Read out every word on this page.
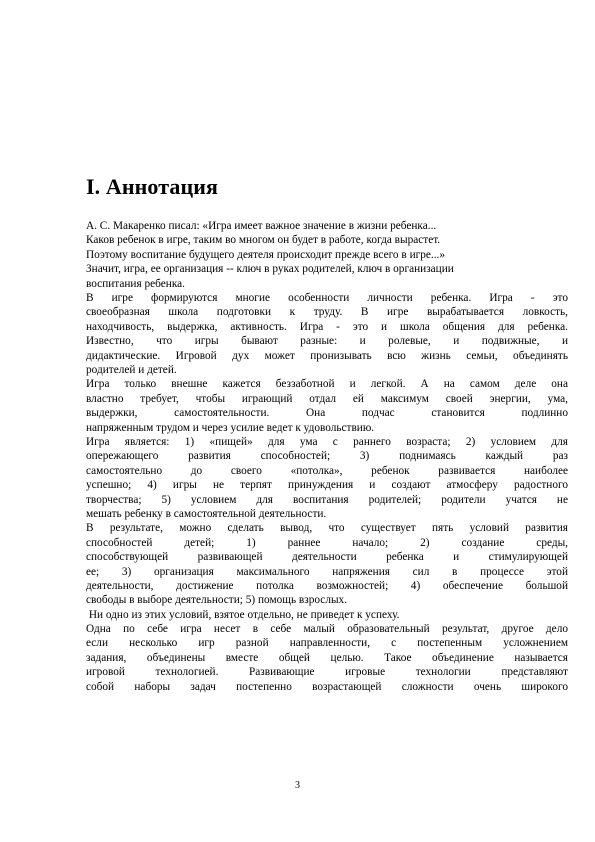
I. Аннотация
А. С. Макаренко писал: «Игра имеет важное значение в жизни ребенка...
Каков ребенок в игре, таким во многом он будет в работе, когда вырастет.
Поэтому воспитание будущего деятеля происходит прежде всего в игре...»
Значит, игра, ее организация -- ключ в руках родителей, ключ в организации
воспитания ребенка.
В игре формируются многие особенности личности ребенка. Игра - это
своеобразная школа подготовки к труду. В игре вырабатывается ловкость,
находчивость, выдержка, активность. Игра - это и школа общения для ребенка.
Известно, что игры бывают разные: и ролевые, и подвижные, и
дидактические. Игровой дух может пронизывать всю жизнь семьи, объединять
родителей и детей.
Игра только внешне кажется беззаботной и легкой. А на самом деле она
властно требует, чтобы играющий отдал ей максимум своей энергии, ума,
выдержки, самостоятельности. Она подчас становится подлинно
напряженным трудом и через усилие ведет к удовольствию.
Игра является: 1) «пищей» для ума с раннего возраста; 2) условием для
опережающего развития способностей; 3) поднимаясь каждый раз
самостоятельно до своего «потолка», ребенок развивается наиболее
успешно; 4) игры не терпят принуждения и создают атмосферу радостного
творчества; 5) условием для воспитания родителей; родители учатся не
мешать ребенку в самостоятельной деятельности.
В результате, можно сделать вывод, что существует пять условий развития
способностей детей; 1) раннее начало; 2) создание среды,
способствующей развивающей деятельности ребенка и стимулирующей
ее; 3) организация максимального напряжения сил в процессе этой
деятельности, достижение потолка возможностей; 4) обеспечение большой
свободы в выборе деятельности; 5) помощь взрослых.
Ни одно из этих условий, взятое отдельно, не приведет к успеху.
Одна по себе игра несет в себе малый образовательный результат, другое дело
если несколько игр разной направленности, с постепенным усложнением
задания, объединены вместе общей целью. Такое объединение называется
игровой технологией. Развивающие игровые технологии представляют
собой наборы задач постепенно возрастающей сложности очень широкого
3
